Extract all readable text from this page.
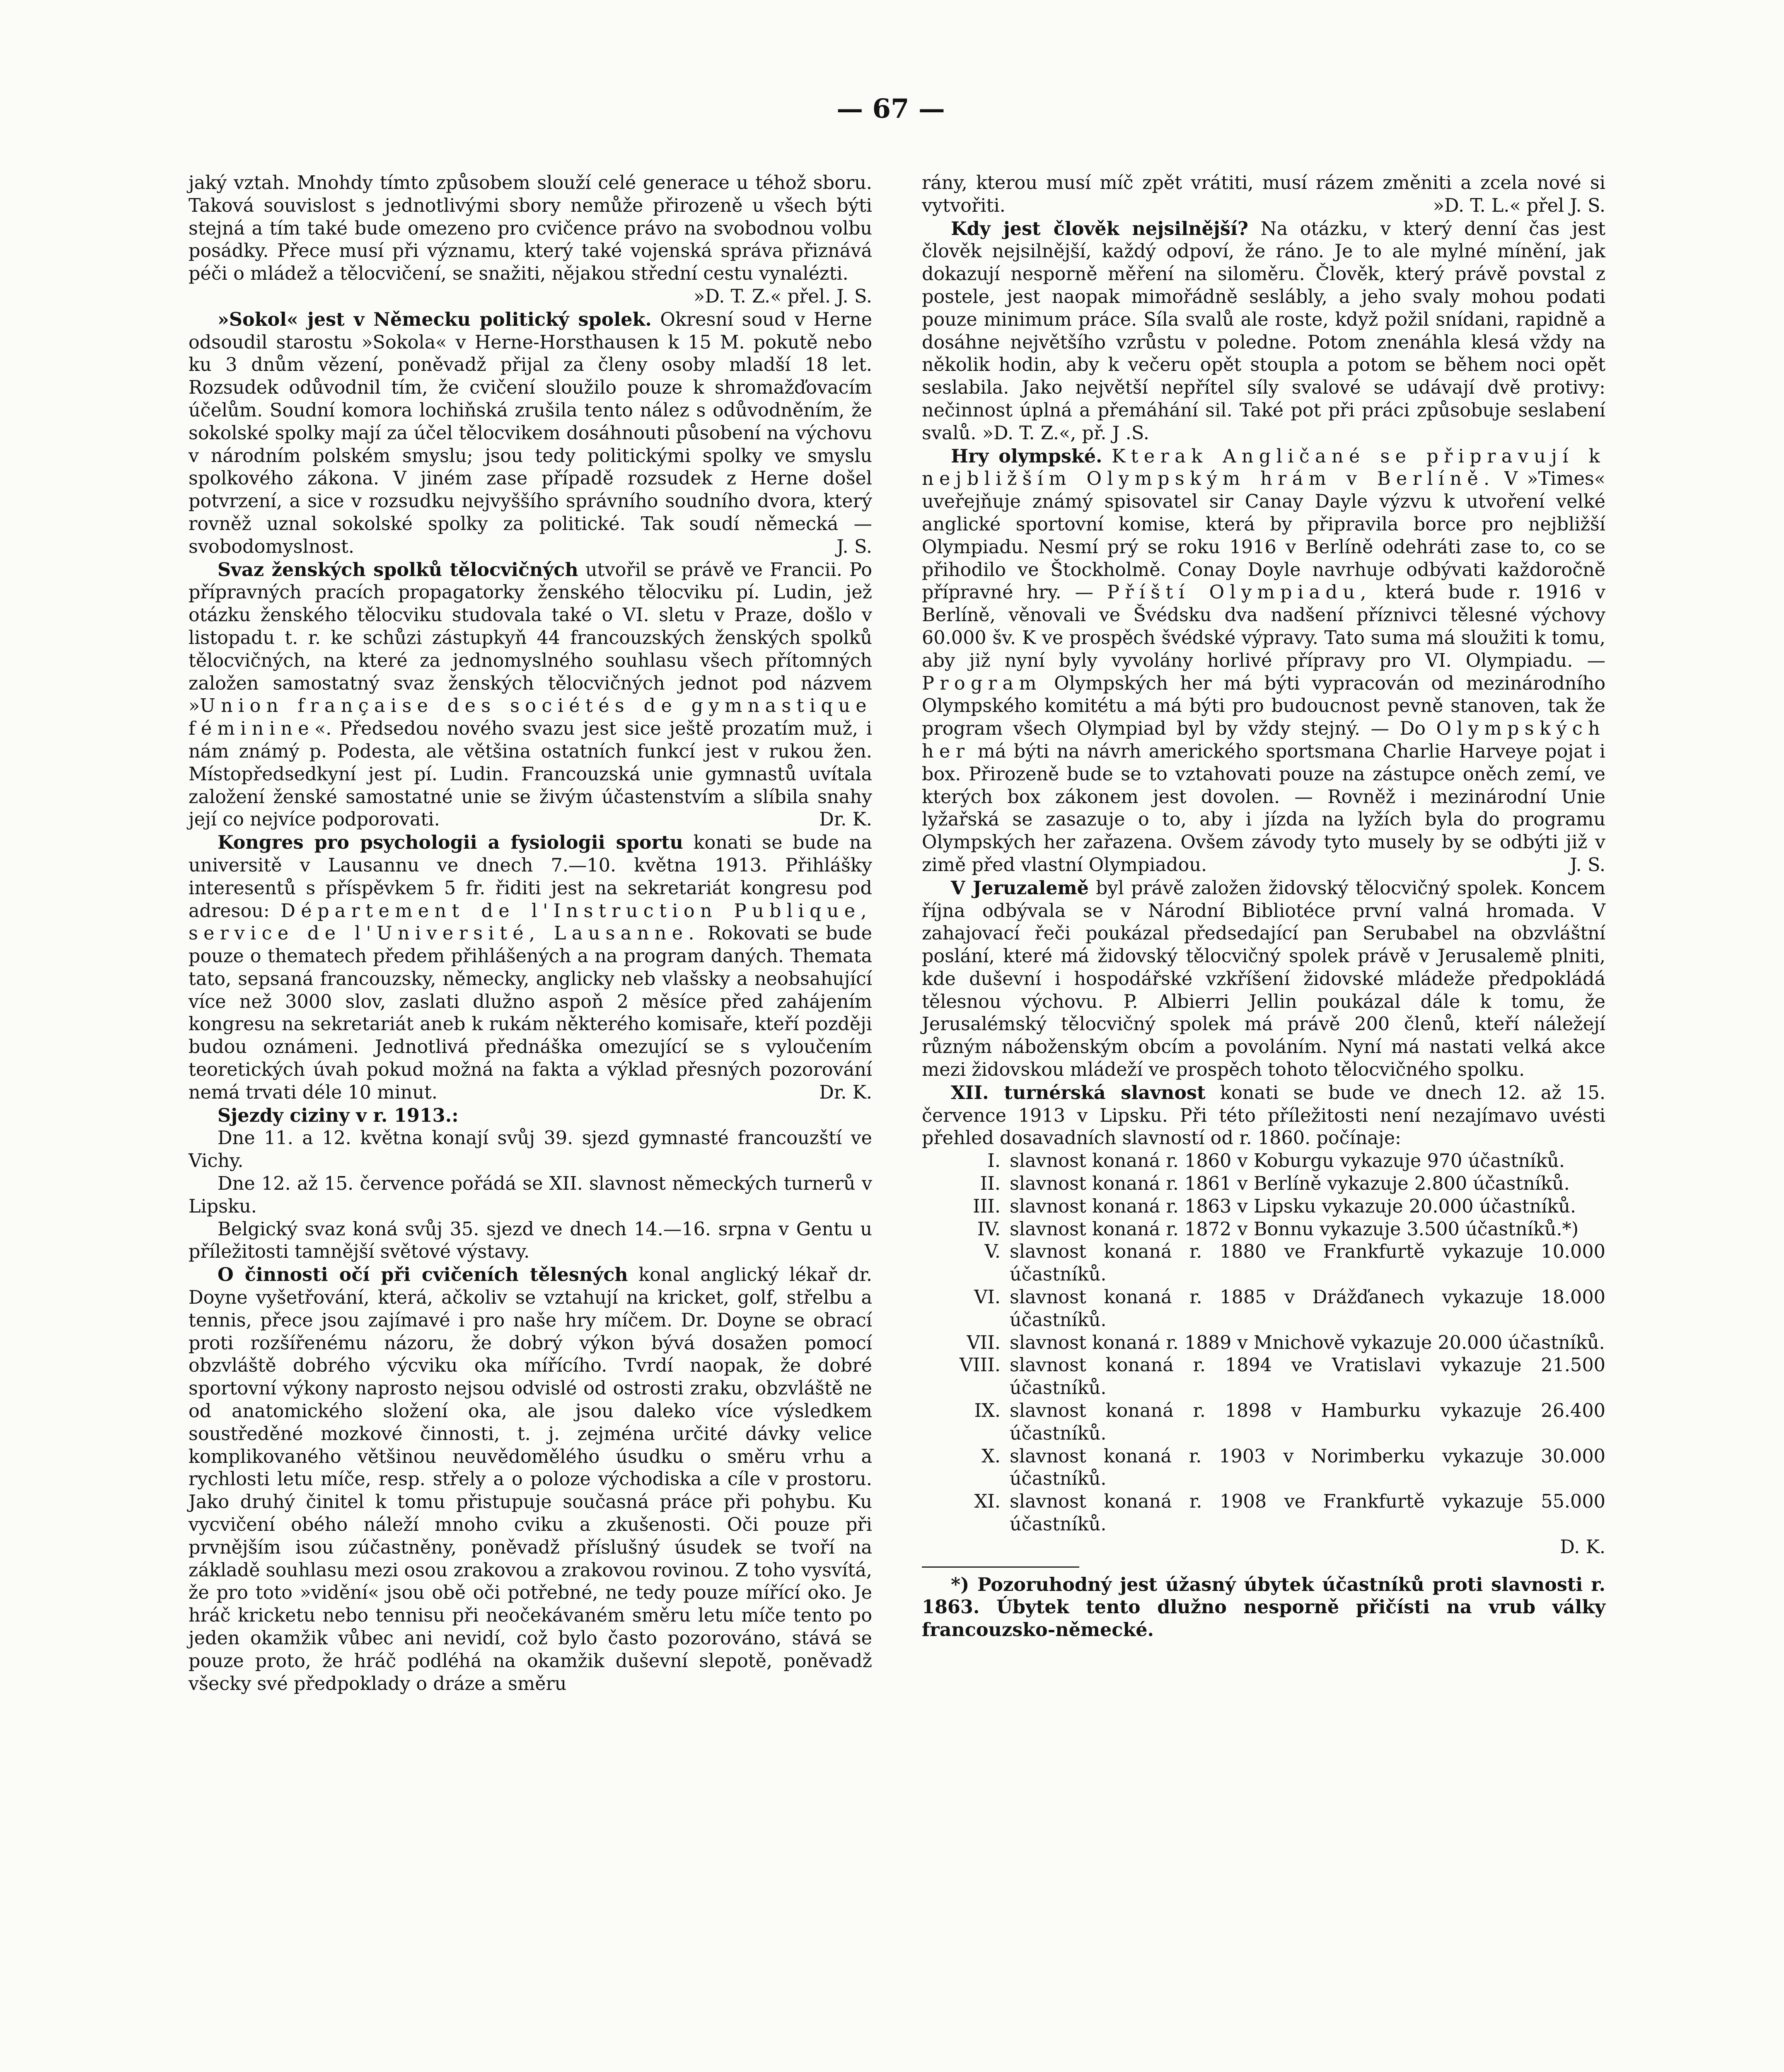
— 67 —

jaký vztah. Mnohdy tímto způsobem slouží celé generace u téhož sboru. Taková souvislost s jednotlivými sbory nemůže přirozeně u všech býti stejná a tím také bude omezeno pro cvičence právo na svobodnou volbu posádky. Přece musí při významu, který také vojenská správa přiznává péči o mládež a tělocvičení, se snažiti, nějakou střední cestu vynalézti.
»D. T. Z.« přel. J. S.

»Sokol« jest v Německu politický spolek. Okresní soud v Herne odsoudil starostu »Sokola« v Herne-Horsthausen k 15 M. pokutě nebo ku 3 dnům vězení, poněvadž přijal za členy osoby mladší 18 let. Rozsudek odůvodnil tím, že cvičení sloužilo pouze k shromažďovacím účelům. Soudní komora lochiňská zrušila tento nález s odůvodněním, že sokolské spolky mají za účel tělocvikem dosáhnouti působení na výchovu v národním polském smyslu; jsou tedy politickými spolky ve smyslu spolkového zákona. V jiném zase případě rozsudek z Herne došel potvrzení, a sice v rozsudku nejvyššího správního soudního dvora, který rovněž uznal sokolské spolky za politické. Tak soudí německá — svobodomyslnost.	J. S.

Svaz ženských spolků tělocvičných utvořil se právě ve Francii. Po přípravných pracích propagatorky ženského tělocviku pí. Ludin, jež otázku ženského tělocviku studovala také o VI. sletu v Praze, došlo v listopadu t. r. ke schůzi zástupkyň 44 francouzských ženských spolků tělocvičných, na které za jednomyslného souhlasu všech přítomných založen samostatný svaz ženských tělocvičných jednot pod názvem »Union française des sociétés de gymnastique féminine«. Předsedou nového svazu jest sice ještě prozatím muž, i nám známý p. Podesta, ale většina ostatních funkcí jest v rukou žen. Místopředsedkyní jest pí. Ludin. Francouzská unie gymnastů uvítala založení ženské samostatné unie se živým účastenstvím a slíbila snahy její co nejvíce podporovati.	Dr. K.

Kongres pro psychologii a fysiologii sportu konati se bude na universitě v Lausannu ve dnech 7.—10. května 1913. Přihlášky interesentů s příspěvkem 5 fr. řiditi jest na sekretariát kongresu pod adresou: Département de l'Instruction Publique, service de l'Université, Lausanne. Rokovati se bude pouze o thematech předem přihlášených a na program daných. Themata tato, sepsaná francouzsky, německy, anglicky neb vlašsky a neobsahující více než 3000 slov, zaslati dlužno aspoň 2 měsíce před zahájením kongresu na sekretariát aneb k rukám některého komisaře, kteří později budou oznámeni. Jednotlivá přednáška omezující se s vyloučením teoretických úvah pokud možná na fakta a výklad přesných pozorování nemá trvati déle 10 minut.	Dr. K.

Sjezdy ciziny v r. 1913.:

Dne 11. a 12. května konají svůj 39. sjezd gymnasté francouzští ve Vichy.

Dne 12. až 15. července pořádá se XII. slavnost německých turnerů v Lipsku.

Belgický svaz koná svůj 35. sjezd ve dnech 14.—16. srpna v Gentu u příležitosti tamnější světové výstavy.

O činnosti očí při cvičeních tělesných konal anglický lékař dr. Doyne vyšetřování, která, ačkoliv se vztahují na kricket, golf, střelbu a tennis, přece jsou zajímavé i pro naše hry míčem. Dr. Doyne se obrací proti rozšířenému názoru, že dobrý výkon bývá dosažen pomocí obzvláště dobrého výcviku oka mířícího. Tvrdí naopak, že dobré sportovní výkony naprosto nejsou odvislé od ostrosti zraku, obzvláště ne od anatomického složení oka, ale jsou daleko více výsledkem soustředěné mozkové činnosti, t. j. zejména určité dávky velice komplikovaného většinou neuvědomělého úsudku o směru vrhu a rychlosti letu míče, resp. střely a o poloze východiska a cíle v prostoru. Jako druhý činitel k tomu přistupuje současná práce při pohybu. Ku vycvičení obého náleží mnoho cviku a zkušenosti. Oči pouze při prvnějším isou zúčastněny, poněvadž příslušný úsudek se tvoří na základě souhlasu mezi osou zrakovou a zrakovou rovinou. Z toho vysvítá, že pro toto »vidění« jsou obě oči potřebné, ne tedy pouze mířící oko. Je hráč kricketu nebo tennisu při neočekávaném směru letu míče tento po jeden okamžik vůbec ani nevidí, což bylo často pozorováno, stává se pouze proto, že hráč podléhá na okamžik duševní slepotě, poněvadž všecky své předpoklady o dráze a směru

rány, kterou musí míč zpět vrátiti, musí rázem změniti a zcela nové si vytvořiti.	»D. T. L.« přel J. S.

Kdy jest člověk nejsilnější? Na otázku, v který denní čas jest člověk nejsilnější, každý odpoví, že ráno. Je to ale mylné mínění, jak dokazují nesporně měření na siloměru. Člověk, který právě povstal z postele, jest naopak mimořádně seslábly, a jeho svaly mohou podati pouze minimum práce. Síla svalů ale roste, když požil snídani, rapidně a dosáhne největšího vzrůstu v poledne. Potom znenáhla klesá vždy na několik hodin, aby k večeru opět stoupla a potom se během noci opět seslabila. Jako největší nepřítel síly svalové se udávají dvě protivy: nečinnost úplná a přemáhání sil. Také pot při práci způsobuje seslabení svalů. »D. T. Z.«, př. J .S.

Hry olympské. Kterak Angličané se připravují k nejbližším Olympským hrám v Berlíně. V »Times« uveřejňuje známý spisovatel sir Canay Dayle výzvu k utvoření velké anglické sportovní komise, která by připravila borce pro nejbližší Olympiadu. Nesmí prý se roku 1916 v Berlíně odehráti zase to, co se přihodilo ve Štockholmě. Conay Doyle navrhuje odbývati každoročně přípravné hry. — Příští Olympiadu, která bude r. 1916 v Berlíně, věnovali ve Švédsku dva nadšení příznivci tělesné výchovy 60.000 šv. K ve prospěch švédské výpravy. Tato suma má sloužiti k tomu, aby již nyní byly vyvolány horlivé přípravy pro VI. Olympiadu. — Program Olympských her má býti vypracován od mezinárodního Olympského komitétu a má býti pro budoucnost pevně stanoven, tak že program všech Olympiad byl by vždy stejný. — Do Olympských her má býti na návrh amerického sportsmana Charlie Harveye pojat i box. Přirozeně bude se to vztahovati pouze na zástupce oněch zemí, ve kterých box zákonem jest dovolen. — Rovněž i mezinárodní Unie lyžařská se zasazuje o to, aby i jízda na lyžích byla do programu Olympských her zařazena. Ovšem závody tyto musely by se odbýti již v zimě před vlastní Olympiadou.	J. S.

V Jeruzalemě byl právě založen židovský tělocvičný spolek. Koncem října odbývala se v Národní Bibliotéce první valná hromada. V zahajovací řeči poukázal předsedající pan Serubabel na obzvláštní poslání, které má židovský tělocvičný spolek právě v Jerusalemě plniti, kde duševní i hospodářské vzkříšení židovské mládeže předpokládá tělesnou výchovu. P. Albierri Jellin poukázal dále k tomu, že Jerusalémský tělocvičný spolek má právě 200 členů, kteří náležejí různým náboženským obcím a povoláním. Nyní má nastati velká akce mezi židovskou mládeží ve prospěch tohoto tělocvičného spolku.

XII. turnérská slavnost konati se bude ve dnech 12. až 15. července 1913 v Lipsku. Při této příležitosti není nezajímavo uvésti přehled dosavadních slavností od r. 1860. počínaje:

I. slavnost konaná r. 1860 v Koburgu vykazuje 970 účastníků.
II. slavnost konaná r. 1861 v Berlíně vykazuje 2.800 účastníků.
III. slavnost konaná r. 1863 v Lipsku vykazuje 20.000 účastníků.
IV. slavnost konaná r. 1872 v Bonnu vykazuje 3.500 účastníků.*)
V. slavnost konaná r. 1880 ve Frankfurtě vykazuje 10.000 účastníků.
VI. slavnost konaná r. 1885 v Drážďanech vykazuje 18.000 účastníků.
VII. slavnost konaná r. 1889 v Mnichově vykazuje 20.000 účastníků.
VIII. slavnost konaná r. 1894 ve Vratislavi vykazuje 21.500 účastníků.
IX. slavnost konaná r. 1898 v Hamburku vykazuje 26.400 účastníků.
X. slavnost konaná r. 1903 v Norimberku vykazuje 30.000 účastníků.
XI. slavnost konaná r. 1908 ve Frankfurtě vykazuje 55.000 účastníků.

D. K.

*) Pozoruhodný jest úžasný úbytek účastníků proti slavnosti r. 1863. Úbytek tento dlužno nesporně přičísti na vrub války francouzsko-německé.
